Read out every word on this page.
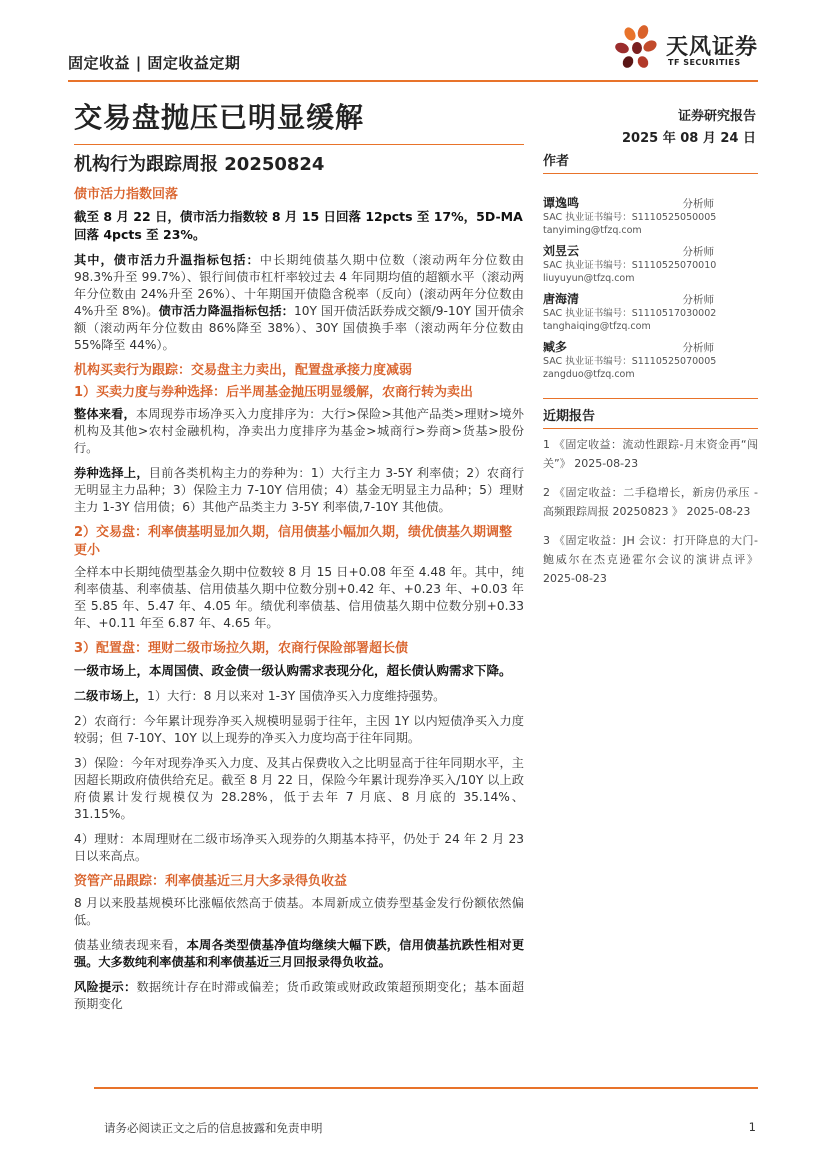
固定收益 | 固定收益定期
天风证券
TF SECURITIES
交易盘抛压已明显缓解
机构行为跟踪周报 20250824
证券研究报告
2025 年 08 月 24 日
债市活力指数回落
截至 8 月 22 日，债市活力指数较 8 月 15 日回落 12pcts 至 17%，5D-MA 回落 4pcts 至 23%。
其中，债市活力升温指标包括：中长期纯债基久期中位数（滚动两年分位数由 98.3%升至 99.7%）、银行间债市杠杆率较过去 4 年同期均值的超额水平（滚动两年分位数由 24%升至 26%）、十年期国开债隐含税率（反向）(滚动两年分位数由 4%升至 8%)。债市活力降温指标包括：10Y 国开债活跃券成交额/9-10Y 国开债余额（滚动两年分位数由 86%降至 38%）、30Y 国债换手率（滚动两年分位数由 55%降至 44%）。
机构买卖行为跟踪：交易盘主力卖出，配置盘承接力度减弱
1）买卖力度与券种选择：后半周基金抛压明显缓解，农商行转为卖出
整体来看，本周现券市场净买入力度排序为：大行>保险>其他产品类>理财>境外机构及其他>农村金融机构，净卖出力度排序为基金>城商行>券商>货基>股份行。
券种选择上，目前各类机构主力的券种为：1）大行主力 3-5Y 利率债；2）农商行无明显主力品种；3）保险主力 7-10Y 信用债；4）基金无明显主力品种；5）理财主力 1-3Y 信用债；6）其他产品类主力 3-5Y 利率债,7-10Y 其他债。
2）交易盘：利率债基明显加久期，信用债基小幅加久期，绩优债基久期调整更小
全样本中长期纯债型基金久期中位数较 8 月 15 日+0.08 年至 4.48 年。其中，纯利率债基、利率债基、信用债基久期中位数分别+0.42 年、+0.23 年、+0.03 年至 5.85 年、5.47 年、4.05 年。绩优利率债基、信用债基久期中位数分别+0.33 年、+0.11 年至 6.87 年、4.65 年。
3）配置盘：理财二级市场拉久期，农商行保险部署超长债
一级市场上，本周国债、政金债一级认购需求表现分化，超长债认购需求下降。
二级市场上，1）大行：8 月以来对 1-3Y 国债净买入力度维持强势。
2）农商行：今年累计现券净买入规模明显弱于往年，主因 1Y 以内短债净买入力度较弱；但 7-10Y、10Y 以上现券的净买入力度均高于往年同期。
3）保险：今年对现券净买入力度、及其占保费收入之比明显高于往年同期水平，主因超长期政府债供给充足。截至 8 月 22 日，保险今年累计现券净买入/10Y 以上政府债累计发行规模仅为 28.28%，低于去年 7 月底、8 月底的 35.14%、31.15%。
4）理财：本周理财在二级市场净买入现券的久期基本持平，仍处于 24 年 2 月 23 日以来高点。
资管产品跟踪：利率债基近三月大多录得负收益
8 月以来股基规模环比涨幅依然高于债基。本周新成立债券型基金发行份额依然偏低。
债基业绩表现来看，本周各类型债基净值均继续大幅下跌，信用债基抗跌性相对更强。大多数纯利率债基和利率债基近三月回报录得负收益。
风险提示：数据统计存在时滞或偏差；货币政策或财政政策超预期变化；基本面超预期变化
作者
谭逸鸣	分析师
SAC 执业证书编号：S1110525050005
tanyiming@tfzq.com
刘昱云	分析师
SAC 执业证书编号：S1110525070010
liuyuyun@tfzq.com
唐海清	分析师
SAC 执业证书编号：S1110517030002
tanghaiqing@tfzq.com
臧多	分析师
SAC 执业证书编号：S1110525070005
zangduo@tfzq.com
近期报告
1 《固定收益：流动性跟踪-月末资金再“闯关”》 2025-08-23
2 《固定收益：二手稳增长，新房仍承压 - 高频跟踪周报 20250823 》 2025-08-23
3 《固定收益：JH 会议：打开降息的大门-鲍威尔在杰克逊霍尔会议的演讲点评》 2025-08-23
请务必阅读正文之后的信息披露和免责申明	1
